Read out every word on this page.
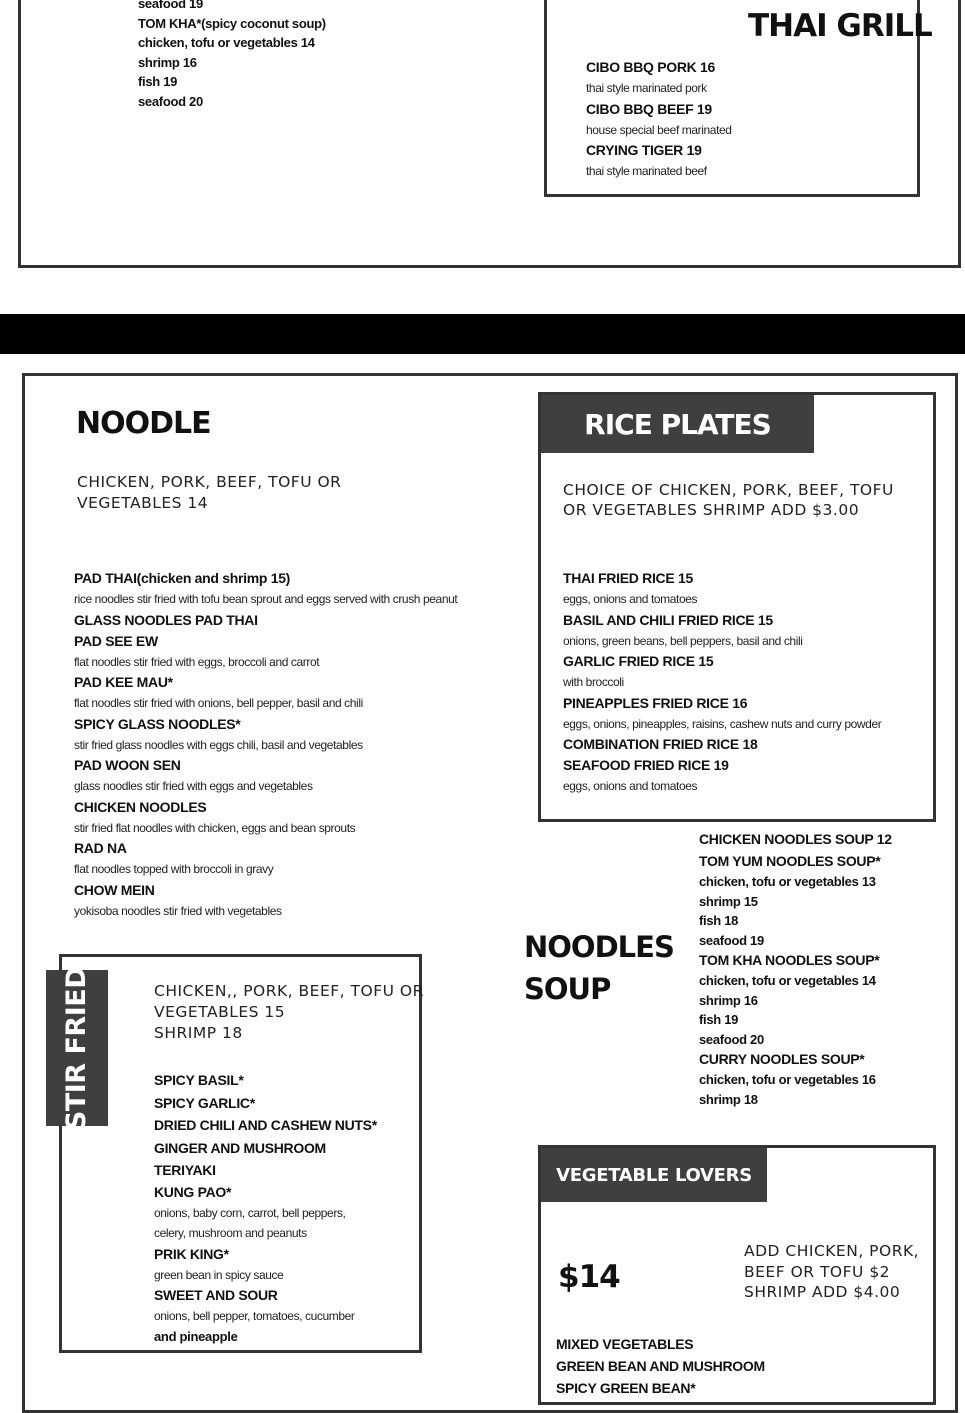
seafood 19
TOM KHA*(spicy coconut soup)
chicken, tofu or vegetables 14
shrimp 16
fish 19
seafood 20
THAI GRILL
CIBO BBQ PORK 16
thai style marinated pork
CIBO BBQ BEEF 19
house special beef marinated
CRYING TIGER 19
thai style marinated beef
NOODLE
CHICKEN, PORK, BEEF, TOFU OR
VEGETABLES 14
PAD THAI(chicken and shrimp 15)
rice noodles stir fried with tofu bean sprout and eggs served with crush peanut
GLASS NOODLES PAD THAI
PAD SEE EW
flat noodles stir fried with eggs, broccoli and carrot
PAD KEE MAU*
flat noodles stir fried with onions, bell pepper, basil and chili
SPICY GLASS NOODLES*
stir fried glass noodles with eggs chili, basil and vegetables
PAD WOON SEN
glass noodles stir fried with eggs and vegetables
CHICKEN NOODLES
stir fried flat noodles with chicken, eggs and bean sprouts
RAD NA
flat noodles topped with broccoli in gravy
CHOW MEIN
yokisoba noodles stir fried with vegetables
RICE PLATES
CHOICE OF CHICKEN, PORK, BEEF, TOFU
OR VEGETABLES SHRIMP ADD $3.00
THAI FRIED RICE 15
eggs, onions and tomatoes
BASIL AND CHILI FRIED RICE 15
onions, green beans, bell peppers, basil and chili
GARLIC FRIED RICE 15
with broccoli
PINEAPPLES FRIED RICE 16
eggs, onions, pineapples, raisins, cashew nuts and curry powder
COMBINATION FRIED RICE 18
SEAFOOD FRIED RICE 19
eggs, onions and tomatoes
NOODLES
SOUP
CHICKEN NOODLES SOUP 12
TOM YUM NOODLES SOUP*
chicken, tofu or vegetables 13
shrimp 15
fish 18
seafood 19
TOM KHA NOODLES SOUP*
chicken, tofu or vegetables 14
shrimp 16
fish 19
seafood 20
CURRY NOODLES SOUP*
chicken, tofu or vegetables 16
shrimp 18
STIR FRIED	CHICKEN,, PORK, BEEF, TOFU OR
VEGETABLES 15
SHRIMP 18
SPICY BASIL*
SPICY GARLIC*
DRIED CHILI AND CASHEW NUTS*
GINGER AND MUSHROOM
TERIYAKI
KUNG PAO*
onions, baby corn, carrot, bell peppers,
celery, mushroom and peanuts
PRIK KING*
green bean in spicy sauce
SWEET AND SOUR
onions, bell pepper, tomatoes, cucumber
and pineapple
VEGETABLE LOVERS
$14
ADD CHICKEN, PORK,
BEEF OR TOFU $2
SHRIMP ADD $4.00
MIXED VEGETABLES
GREEN BEAN AND MUSHROOM
SPICY GREEN BEAN*
